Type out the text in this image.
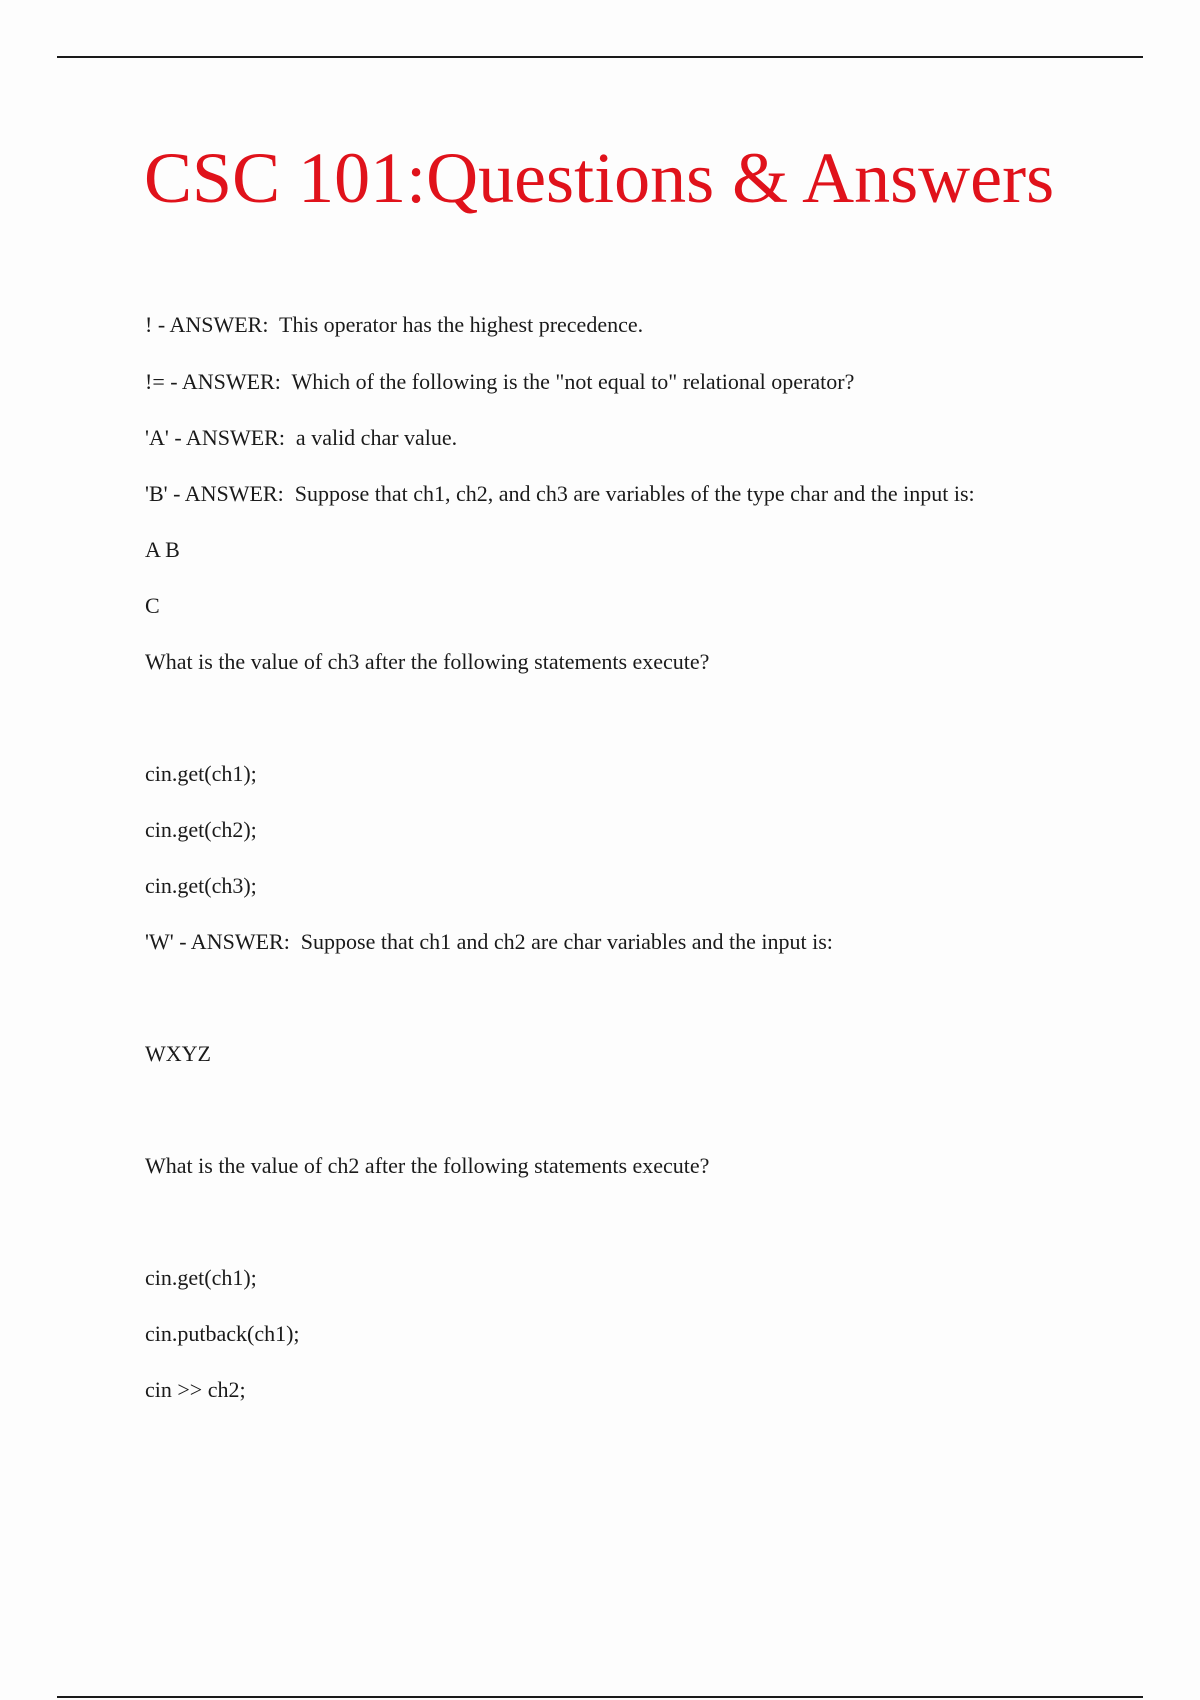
CSC 101:Questions & Answers

! - ANSWER:  This operator has the highest precedence.

!= - ANSWER:  Which of the following is the "not equal to" relational operator?

'A' - ANSWER:  a valid char value.

'B' - ANSWER:  Suppose that ch1, ch2, and ch3 are variables of the type char and the input is:

A B

C

What is the value of ch3 after the following statements execute?

cin.get(ch1);

cin.get(ch2);

cin.get(ch3);

'W' - ANSWER:  Suppose that ch1 and ch2 are char variables and the input is:

WXYZ

What is the value of ch2 after the following statements execute?

cin.get(ch1);

cin.putback(ch1);

cin >> ch2;
